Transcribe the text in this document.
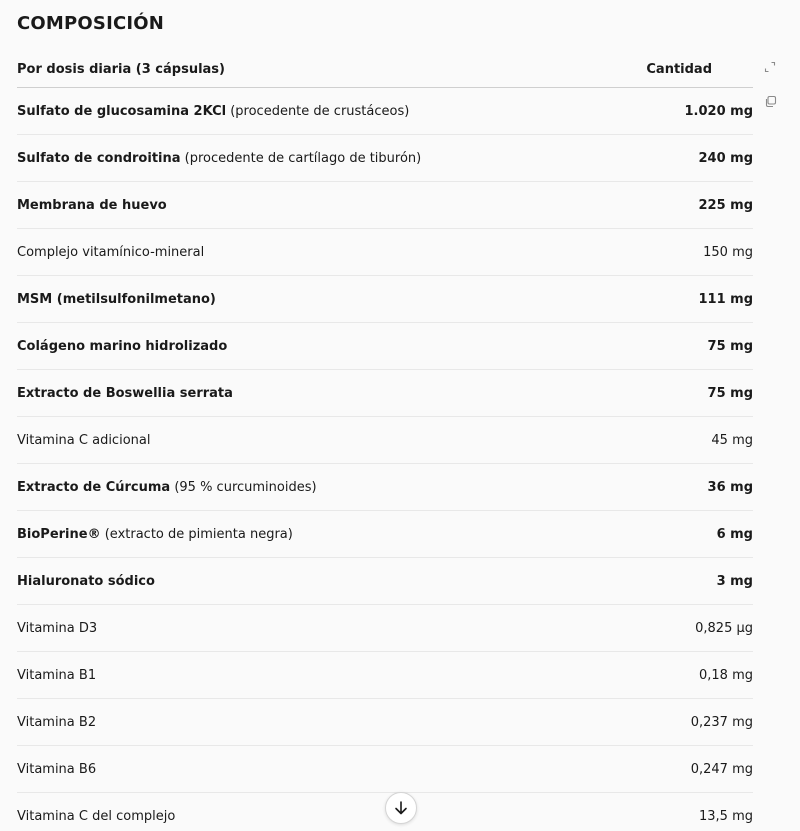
COMPOSICIÓN
Por dosis diaria (3 cápsulas)	Cantidad
Sulfato de glucosamina 2KCl (procedente de crustáceos)	1.020 mg
Sulfato de condroitina (procedente de cartílago de tiburón)	240 mg
Membrana de huevo	225 mg
Complejo vitamínico-mineral	150 mg
MSM (metilsulfonilmetano)	111 mg
Colágeno marino hidrolizado	75 mg
Extracto de Boswellia serrata	75 mg
Vitamina C adicional	45 mg
Extracto de Cúrcuma (95 % curcuminoides)	36 mg
BioPerine® (extracto de pimienta negra)	6 mg
Hialuronato sódico	3 mg
Vitamina D3	0,825 µg
Vitamina B1	0,18 mg
Vitamina B2	0,237 mg
Vitamina B6	0,247 mg
Vitamina C del complejo	13,5 mg
